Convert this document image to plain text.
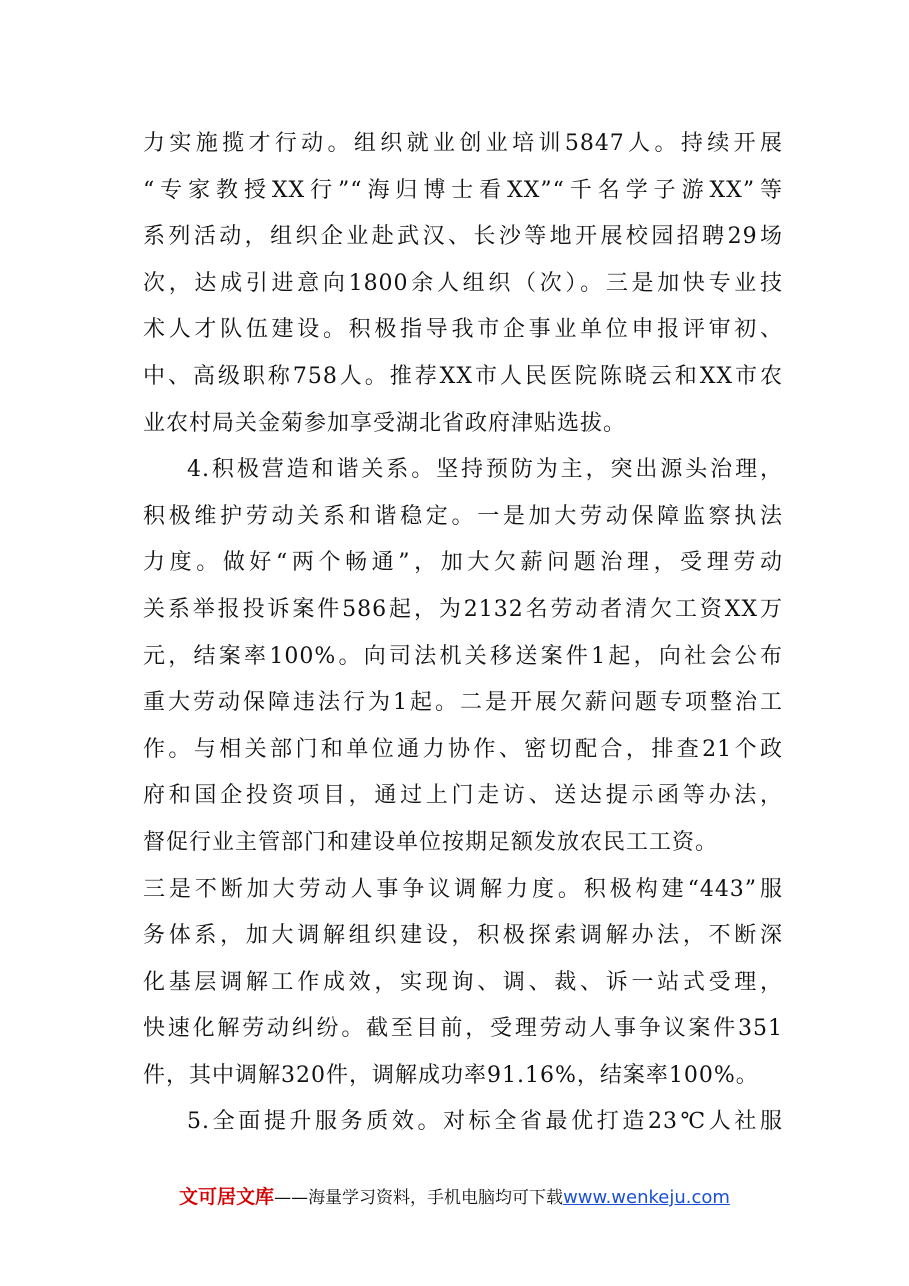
力实施揽才行动。组织就业创业培训5847人。持续开展
“专家教授XX行”“海归博士看XX”“千名学子游XX”等
系列活动，组织企业赴武汉、长沙等地开展校园招聘29场
次，达成引进意向1800余人组织（次）。三是加快专业技
术人才队伍建设。积极指导我市企事业单位申报评审初、
中、高级职称758人。推荐XX市人民医院陈晓云和XX市农
业农村局关金菊参加享受湖北省政府津贴选拔。
4.积极营造和谐关系。坚持预防为主，突出源头治理，
积极维护劳动关系和谐稳定。一是加大劳动保障监察执法
力度。做好“两个畅通”，加大欠薪问题治理，受理劳动
关系举报投诉案件586起，为2132名劳动者清欠工资XX万
元，结案率100%。向司法机关移送案件1起，向社会公布
重大劳动保障违法行为1起。二是开展欠薪问题专项整治工
作。与相关部门和单位通力协作、密切配合，排查21个政
府和国企投资项目，通过上门走访、送达提示函等办法，
督促行业主管部门和建设单位按期足额发放农民工工资。
三是不断加大劳动人事争议调解力度。积极构建“443”服
务体系，加大调解组织建设，积极探索调解办法，不断深
化基层调解工作成效，实现询、调、裁、诉一站式受理，
快速化解劳动纠纷。截至目前，受理劳动人事争议案件351
件，其中调解320件，调解成功率91.16%，结案率100%。
5.全面提升服务质效。对标全省最优打造23℃人社服
文可居文库——海量学习资料，手机电脑均可下载www.wenkeju.com
